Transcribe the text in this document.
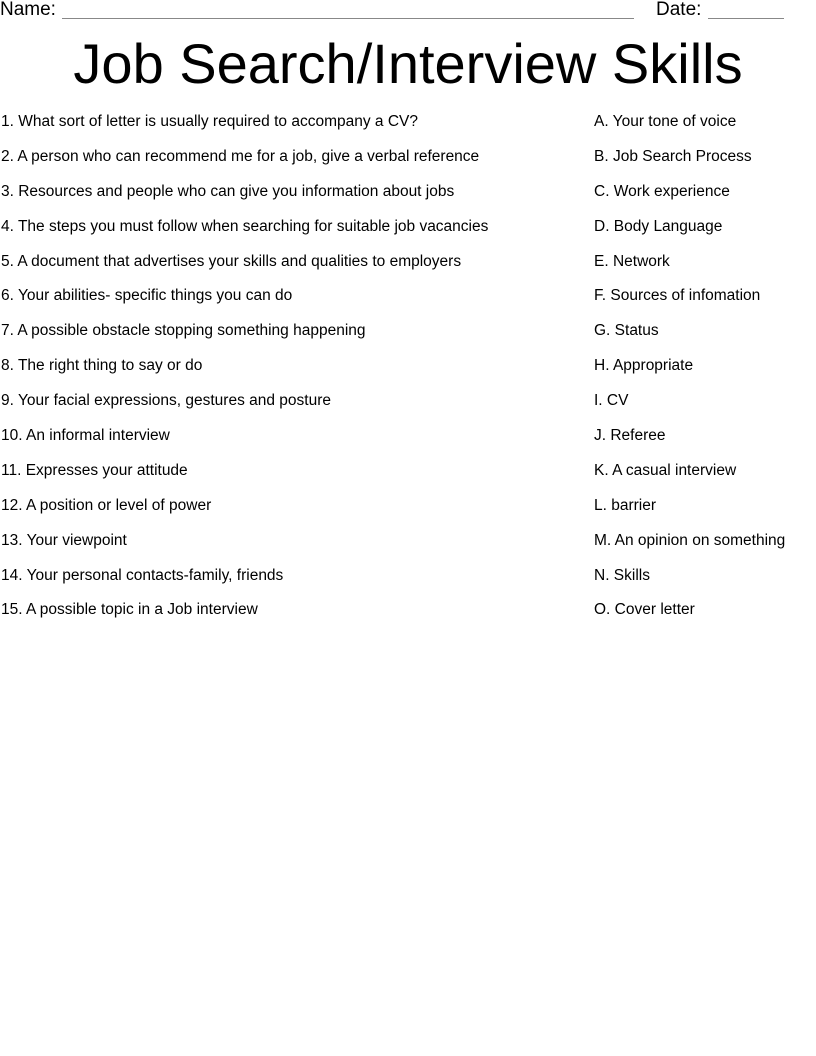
Name:	Date:
Job Search/Interview Skills
1. What sort of letter is usually required to accompany a CV?
2. A person who can recommend me for a job, give a verbal reference
3. Resources and people who can give you information about jobs
4. The steps you must follow when searching for suitable job vacancies
5. A document that advertises your skills and qualities to employers
6. Your abilities- specific things you can do
7. A possible obstacle stopping something happening
8. The right thing to say or do
9. Your facial expressions, gestures and posture
10. An informal interview
11. Expresses your attitude
12. A position or level of power
13. Your viewpoint
14. Your personal contacts-family, friends
15. A possible topic in a Job interview
A. Your tone of voice
B. Job Search Process
C. Work experience
D. Body Language
E. Network
F. Sources of infomation
G. Status
H. Appropriate
I. CV
J. Referee
K. A casual interview
L. barrier
M. An opinion on something
N. Skills
O. Cover letter
